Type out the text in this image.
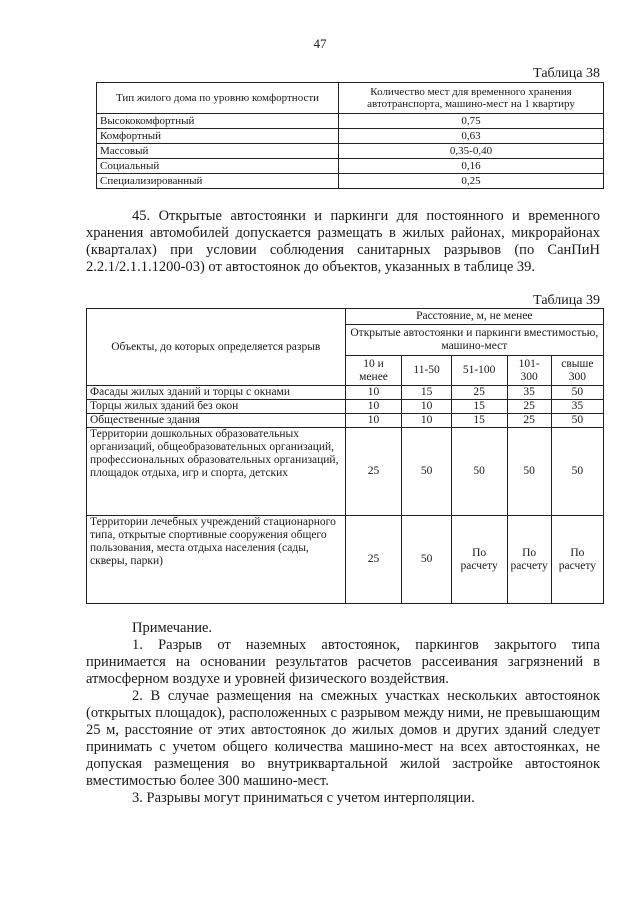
47
Таблица 38
Тип жилого дома по уровню комфортности	Количество мест для временного хранения автотранспорта, машино-мест на 1 квартиру
Высококомфортный	0,75
Комфортный	0,63
Массовый	0,35-0,40
Социальный	0,16
Специализированный	0,25
45. Открытые автостоянки и паркинги для постоянного и временного хранения автомобилей допускается размещать в жилых районах, микрорайонах (кварталах) при условии соблюдения санитарных разрывов (по СанПиН 2.2.1/2.1.1.1200-03) от автостоянок до объектов, указанных в таблице 39.
Таблица 39
Объекты, до которых определяется разрыв	Расстояние, м, не менее				
	Открытые автостоянки и паркинги вместимостью, машино-мест				
	10 и менее	11-50	51-100	101-300	свыше 300
Фасады жилых зданий и торцы с окнами	10	15	25	35	50
Торцы жилых зданий без окон	10	10	15	25	35
Общественные здания	10	10	15	25	50
Территории дошкольных образовательных организаций, общеобразовательных организаций, профессиональных образовательных организаций, площадок отдыха, игр и спорта, детских	25	50	50	50	50
Территории лечебных учреждений стационарного типа, открытые спортивные сооружения общего пользования, места отдыха населения (сады, скверы, парки)	25	50	По расчету	По расчету	По расчету
Примечание.
1. Разрыв от наземных автостоянок, паркингов закрытого типа принимается на основании результатов расчетов рассеивания загрязнений в атмосферном воздухе и уровней физического воздействия.
2. В случае размещения на смежных участках нескольких автостоянок (открытых площадок), расположенных с разрывом между ними, не превышающим 25 м, расстояние от этих автостоянок до жилых домов и других зданий следует принимать с учетом общего количества машино-мест на всех автостоянках, не допуская размещения во внутриквартальной жилой застройке автостоянок вместимостью более 300 машино-мест.
3. Разрывы могут приниматься с учетом интерполяции.
